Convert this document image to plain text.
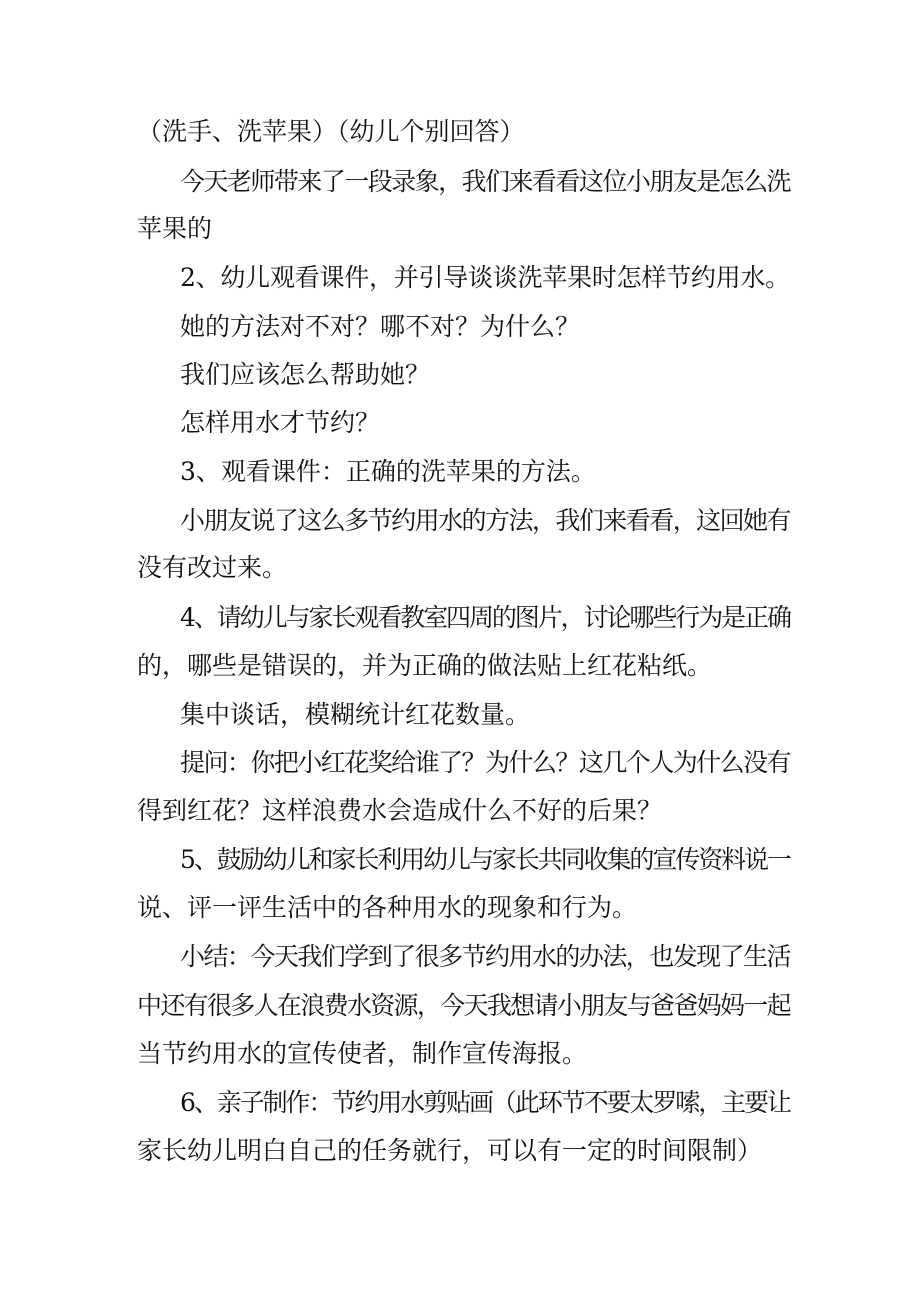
（洗手、洗苹果）（幼儿个别回答）
今天老师带来了一段录象，我们来看看这位小朋友是怎么洗
苹果的
2、幼儿观看课件，并引导谈谈洗苹果时怎样节约用水。
她的方法对不对？哪不对？为什么？
我们应该怎么帮助她？
怎样用水才节约？
3、观看课件：正确的洗苹果的方法。
小朋友说了这么多节约用水的方法，我们来看看，这回她有
没有改过来。
4、请幼儿与家长观看教室四周的图片，讨论哪些行为是正确
的，哪些是错误的，并为正确的做法贴上红花粘纸。
集中谈话，模糊统计红花数量。
提问：你把小红花奖给谁了？为什么？这几个人为什么没有
得到红花？这样浪费水会造成什么不好的后果？
5、鼓励幼儿和家长利用幼儿与家长共同收集的宣传资料说一
说、评一评生活中的各种用水的现象和行为。
小结：今天我们学到了很多节约用水的办法，也发现了生活
中还有很多人在浪费水资源，今天我想请小朋友与爸爸妈妈一起
当节约用水的宣传使者，制作宣传海报。
6、亲子制作：节约用水剪贴画（此环节不要太罗嗦，主要让
家长幼儿明白自己的任务就行，可以有一定的时间限制）
